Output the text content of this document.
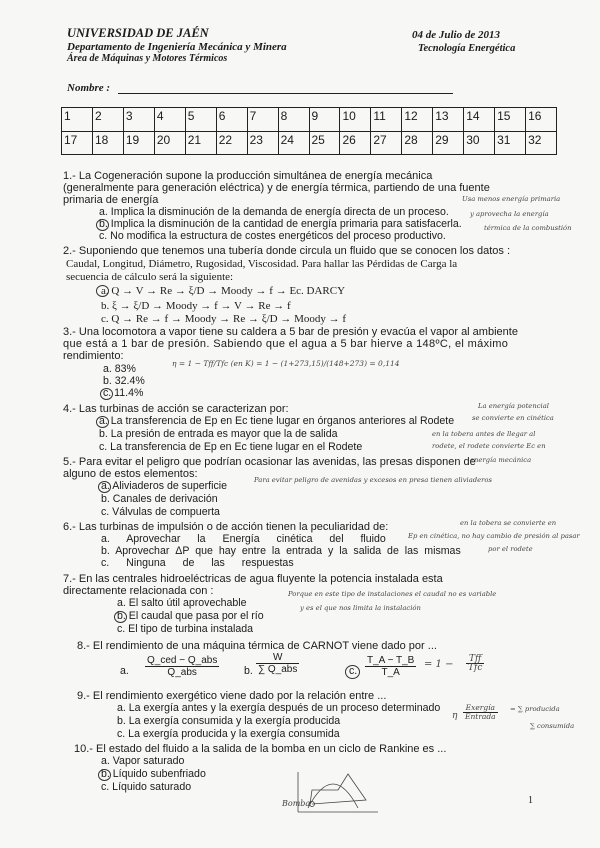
UNIVERSIDAD DE JAÉN
Departamento de Ingeniería Mecánica y Minera
Área de Máquinas y Motores Térmicos
04 de Julio de 2013
Tecnología Energética
Nombre :
1	2	3	4	5	6	7	8	9	10	11	12	13	14	15	16
17	18	19	20	21	22	23	24	25	26	27	28	29	30	31	32
1.- La Cogeneración supone la producción simultánea de energía mecánica
(generalmente para generación eléctrica) y de energía térmica, partiendo de una fuente
primaria de energía
a. Implica la disminución de la demanda de energía directa de un proceso.
b. Implica la disminución de la cantidad de energía primaria para satisfacerla.
c. No modifica la estructura de costes energéticos del proceso productivo.
Usa menos energía primaria
y aprovecha la energía
térmica de la combustión
2.- Suponiendo que tenemos una tubería donde circula un fluido que se conocen los datos :
Caudal, Longitud, Diámetro, Rugosidad, Viscosidad. Para hallar las Pérdidas de Carga la
secuencia de cálculo será la siguiente:
a. Q → V → Re → ξ/D → Moody → f → Ec. DARCY
b. ξ → ξ/D → Moody → f → V → Re → f
c. Q → Re → f → Moody → Re → ξ/D → Moody → f
3.- Una locomotora a vapor tiene su caldera a 5 bar de presión y evacúa el vapor al ambiente
que está a 1 bar de presión. Sabiendo que el agua a 5 bar hierve a 148ºC, el máximo
rendimiento:
a. 83%
b. 32.4%
c. 11.4%
η = 1 − Tff/Tfc (en K) = 1 − (1+273,15)/(148+273) = 0,114
4.- Las turbinas de acción se caracterizan por:
a. La transferencia de Ep en Ec tiene lugar en órganos anteriores al Rodete
b. La presión de entrada es mayor que la de salida
c. La transferencia de Ep en Ec tiene lugar en el Rodete
La energía potencial
se convierte en cinética
en la tobera antes de llegar al
rodete, el rodete convierte Ec en
energía mecánica
5.- Para evitar el peligro que podrían ocasionar las avenidas, las presas disponen de
alguno de estos elementos:
a. Aliviaderos de superficie
b. Canales de derivación
c. Válvulas de compuerta
Para evitar peligro de avenidas y excesos en presa tienen aliviaderos
6.- Las turbinas de impulsión o de acción tienen la peculiaridad de:
a. Aprovechar la Energía cinética del fluido
b. Aprovechar ΔP que hay entre la entrada y la salida de las mismas
c. Ninguna de las respuestas
en la tobera se convierte en
Ep en cinética, no hay cambio de presión al pasar
por el rodete
7.- En las centrales hidroeléctricas de agua fluyente la potencia instalada esta
directamente relacionada con :
a. El salto útil aprovechable
b. El caudal que pasa por el río
c. El tipo de turbina instalada
Porque en este tipo de instalaciones el caudal no es variable
y es el que nos limita la instalación
8.- El rendimiento de una máquina térmica de CARNOT viene dado por ...
a. $\frac{\text{Q\_ced − Q\_abs}}{\text{Q\_abs}} b$. $\frac{W}{\text{∑ Q\_abs}}$	c. $\frac{T\_A - T\_B}{T\_A} = 1 - \frac{\text{Tff}}{\text{Tfc}}$
9.- El rendimiento exergético viene dado por la relación entre ...
a. La exergía antes y la exergía después de un proceso determinado
b. La exergía consumida y la exergía producida
c. La exergía producida y la exergía consumida
η $\frac{\text{Exergía}}{\text{Entrada}}$ = ∑ producida
∑ consumida
10.- El estado del fluido a la salida de la bomba en un ciclo de Rankine es ...
a. Vapor saturado
b. Líquido subenfriado
c. Líquido saturado
Bomba	1
